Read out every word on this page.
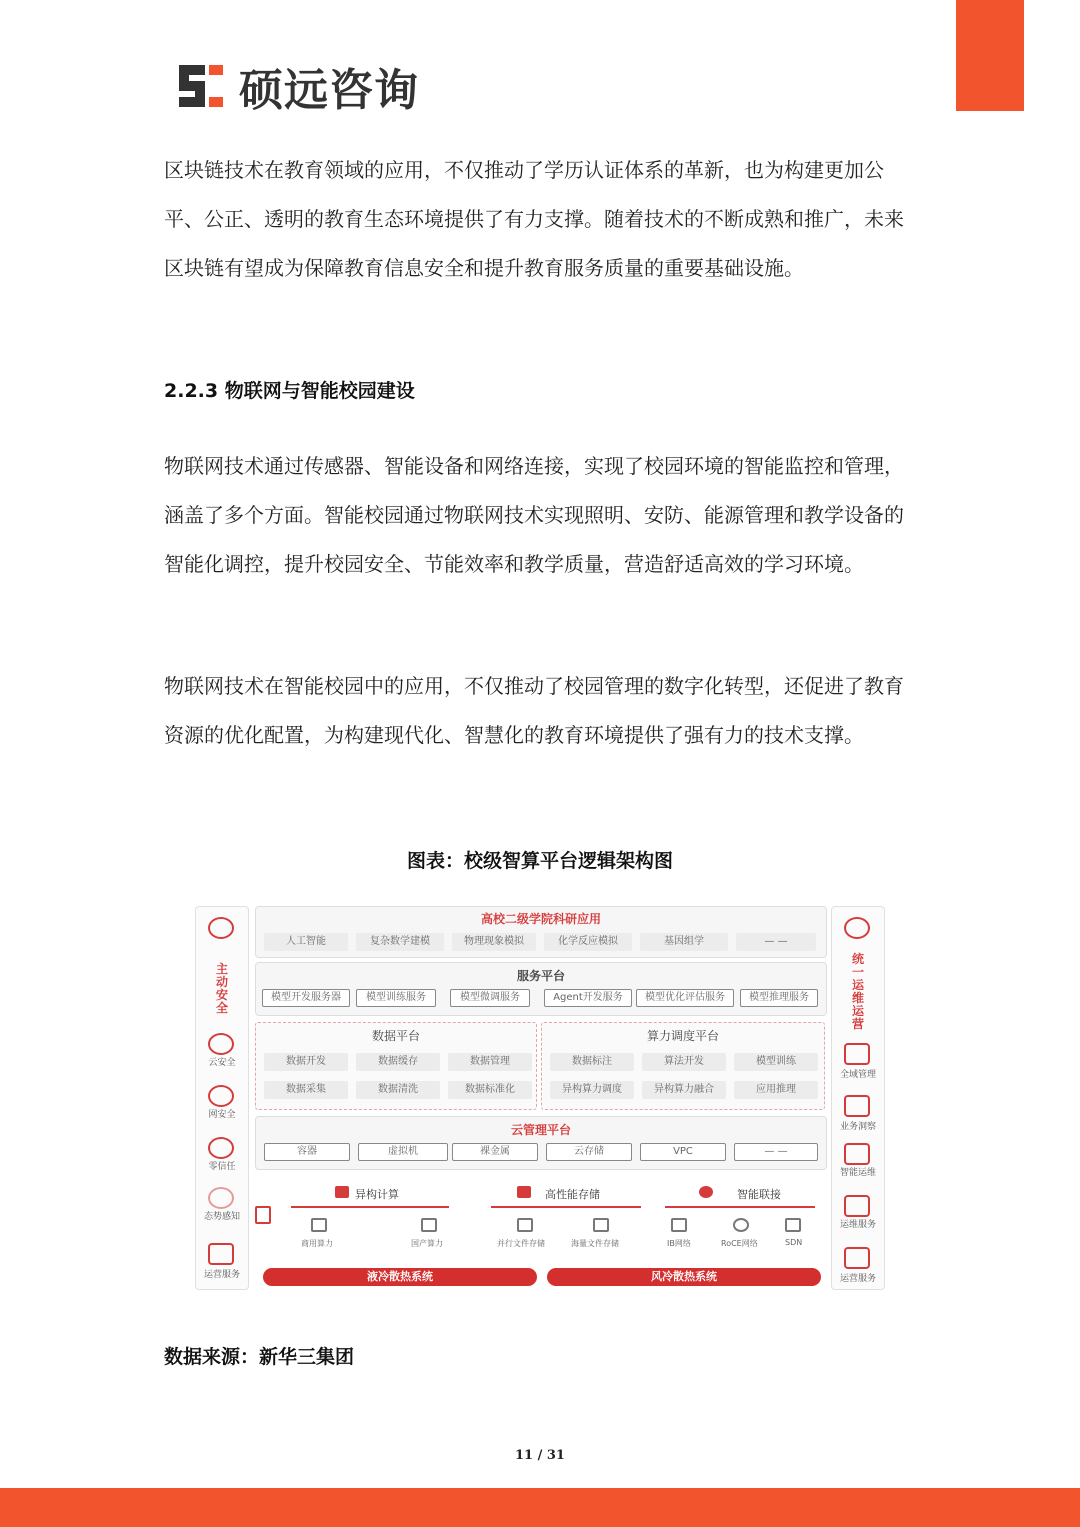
硕远咨询

区块链技术在教育领域的应用，不仅推动了学历认证体系的革新，也为构建更加公平、公正、透明的教育生态环境提供了有力支撑。随着技术的不断成熟和推广，未来区块链有望成为保障教育信息安全和提升教育服务质量的重要基础设施。

2.2.3 物联网与智能校园建设

物联网技术通过传感器、智能设备和网络连接，实现了校园环境的智能监控和管理，涵盖了多个方面。智能校园通过物联网技术实现照明、安防、能源管理和教学设备的智能化调控，提升校园安全、节能效率和教学质量，营造舒适高效的学习环境。

物联网技术在智能校园中的应用，不仅推动了校园管理的数字化转型，还促进了教育资源的优化配置，为构建现代化、智慧化的教育环境提供了强有力的技术支撑。

图表：校级智算平台逻辑架构图
主动安全
云安全
网安全
零信任
态势感知
运营服务
统一运维运营
全域管理
业务洞察
智能运维
运维服务
运营服务
高校二级学院科研应用
人工智能	复杂数学建模	物理现象模拟	化学反应模拟	基因组学	— —
服务平台
模型开发服务器	模型训练服务	模型微调服务	Agent开发服务	模型优化评估服务	模型推理服务
数据平台
数据开发	数据缓存	数据管理
数据采集	数据清洗	数据标准化
算力调度平台
数据标注	算法开发	模型训练
异构算力调度	异构算力融合	应用推理
云管理平台
容器	虚拟机	裸金属	云存储	VPC	— —
异构计算
商用算力	国产算力
高性能存储
并行文件存储	海量文件存储
智能联接
IB网络	RoCE网络	SDN
液冷散热系统	风冷散热系统
数据来源：新华三集团
11 / 31
